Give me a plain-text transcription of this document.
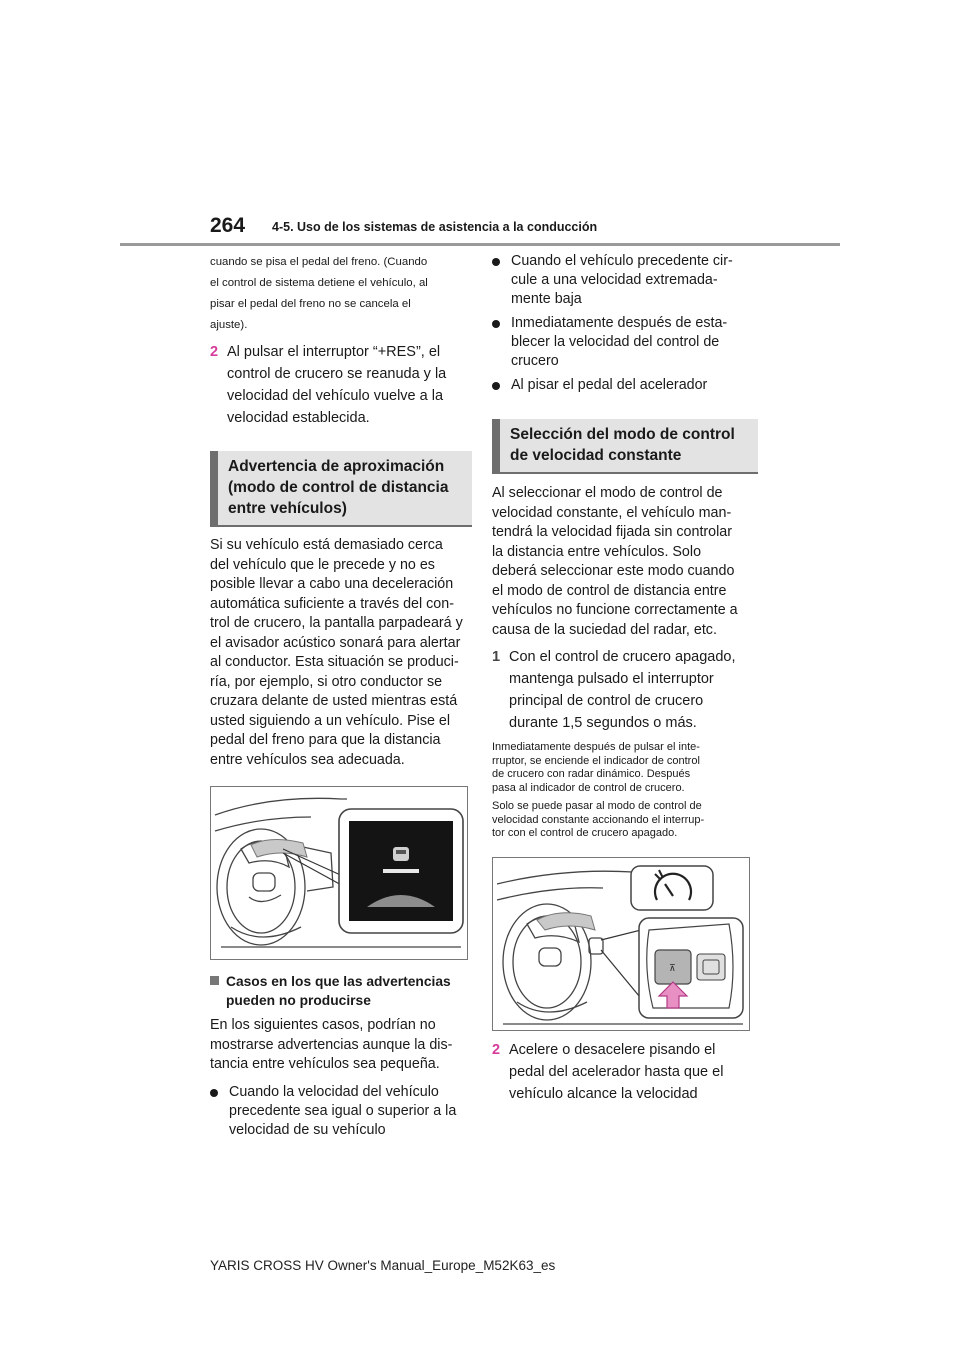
264 4-5. Uso de los sistemas de asistencia a la conducción

cuando se pisa el pedal del freno. (Cuando

el control de sistema detiene el vehículo, al

pisar el pedal del freno no se cancela el

ajuste).

2 Al pulsar el interruptor “+RES”, el

control de crucero se reanuda y la

velocidad del vehículo vuelve a la

velocidad establecida.

Advertencia de aproximación
(modo de control de distancia
entre vehículos)

Si su vehículo está demasiado cerca

del vehículo que le precede y no es

posible llevar a cabo una deceleración

automática suficiente a través del con-

trol de crucero, la pantalla parpadeará y

el avisador acústico sonará para alertar

al conductor. Esta situación se produci-

ría, por ejemplo, si otro conductor se

cruzara delante de usted mientras está

usted siguiendo a un vehículo. Pise el

pedal del freno para que la distancia

entre vehículos sea adecuada.

Casos en los que las advertencias

pueden no producirse

En los siguientes casos, podrían no

mostrarse advertencias aunque la dis-

tancia entre vehículos sea pequeña.

Cuando la velocidad del vehículo

precedente sea igual o superior a la

velocidad de su vehículo

Cuando el vehículo precedente cir-

cule a una velocidad extremada-

mente baja

Inmediatamente después de esta-

blecer la velocidad del control de

crucero

Al pisar el pedal del acelerador

Selección del modo de control
de velocidad constante

Al seleccionar el modo de control de

velocidad constante, el vehículo man-

tendrá la velocidad fijada sin controlar

la distancia entre vehículos. Solo

deberá seleccionar este modo cuando

el modo de control de distancia entre

vehículos no funcione correctamente a

causa de la suciedad del radar, etc.

1 Con el control de crucero apagado,

mantenga pulsado el interruptor

principal de control de crucero

durante 1,5 segundos o más.

Inmediatamente después de pulsar el inte-

rruptor, se enciende el indicador de control

de crucero con radar dinámico. Después

pasa al indicador de control de crucero.

Solo se puede pasar al modo de control de

velocidad constante accionando el interrup-

tor con el control de crucero apagado.

⊼

2 Acelere o desacelere pisando el

pedal del acelerador hasta que el

vehículo alcance la velocidad

YARIS CROSS HV Owner's Manual_Europe_M52K63_es
